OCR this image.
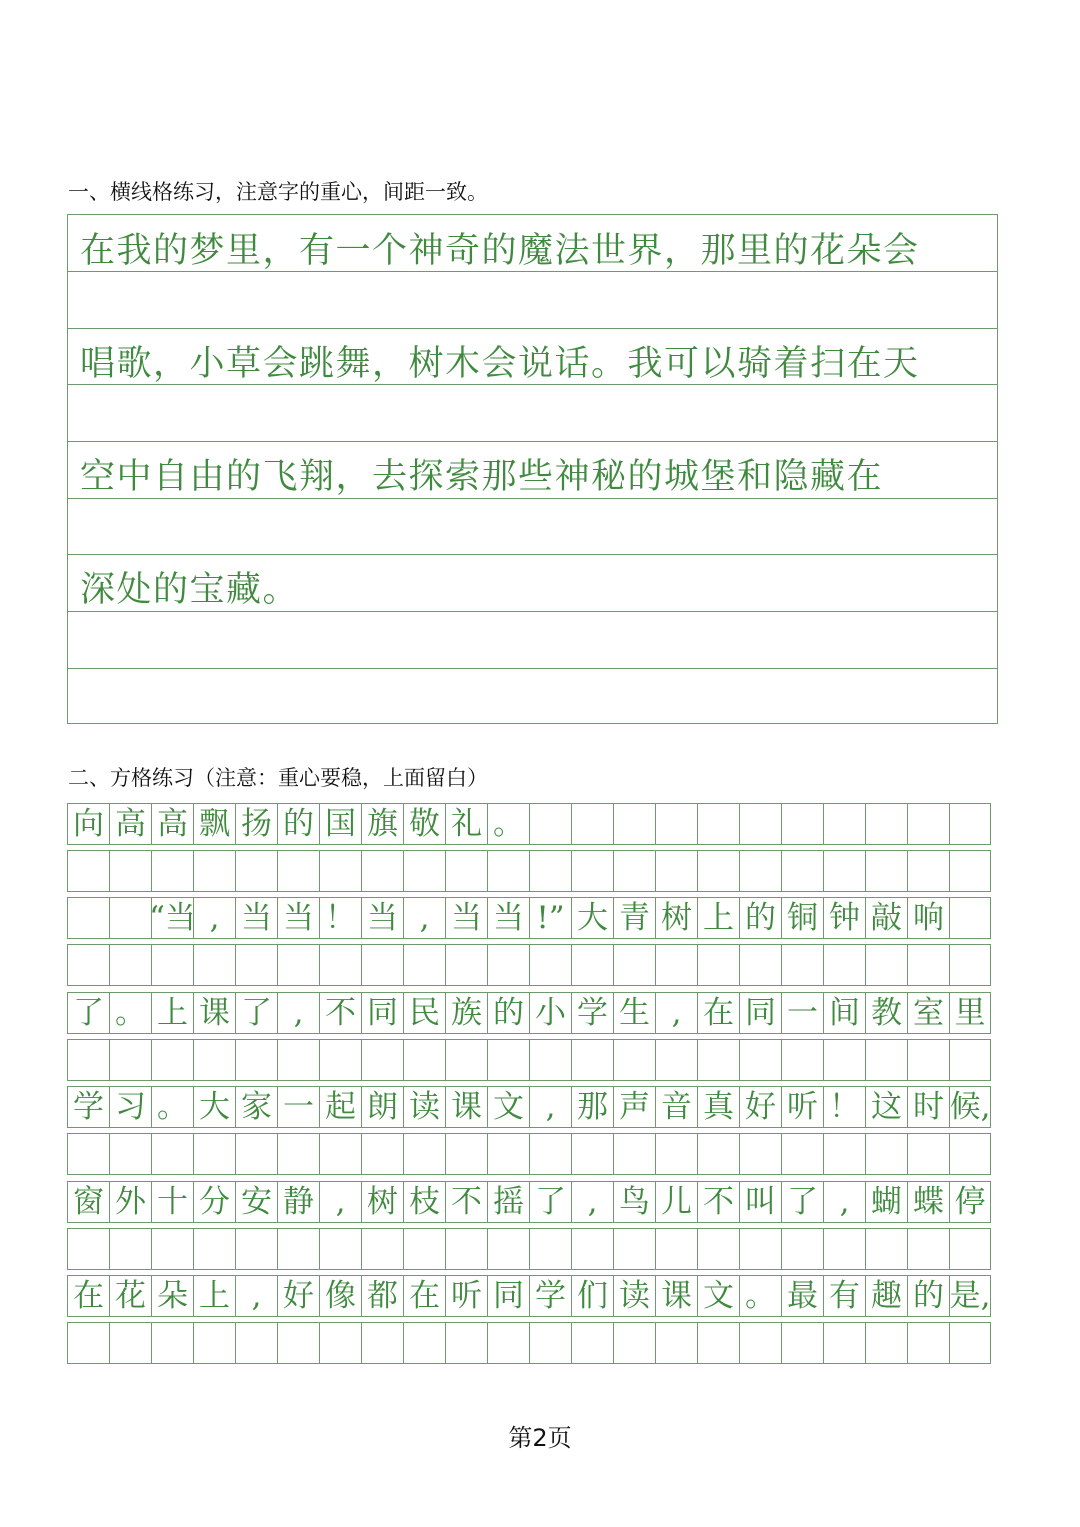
一、横线格练习，注意字的重心，间距一致。
在我的梦里，有一个神奇的魔法世界，那里的花朵会
唱歌，小草会跳舞，树木会说话。我可以骑着扫在天
空中自由的飞翔，去探索那些神秘的城堡和隐藏在
深处的宝藏。
二、方格练习（注意：重心要稳，上面留白）
向 高 高 飘 扬 的 国 旗 敬 礼 。
“当 , 当 当 ！ 当 , 当 当 !” 大 青 树 上 的 铜 钟 敲 响
了 。 上 课 了 , 不 同 民 族 的 小 学 生 , 在 同 一 间 教 室 里
学 习 。 大 家 一 起 朗 读 课 文 , 那 声 音 真 好 听 ！ 这 时 候,
窗 外 十 分 安 静 , 树 枝 不 摇 了 , 鸟 儿 不 叫 了 , 蝴 蝶 停
在 花 朵 上 , 好 像 都 在 听 同 学 们 读 课 文 。 最 有 趣 的 是,
第2页
